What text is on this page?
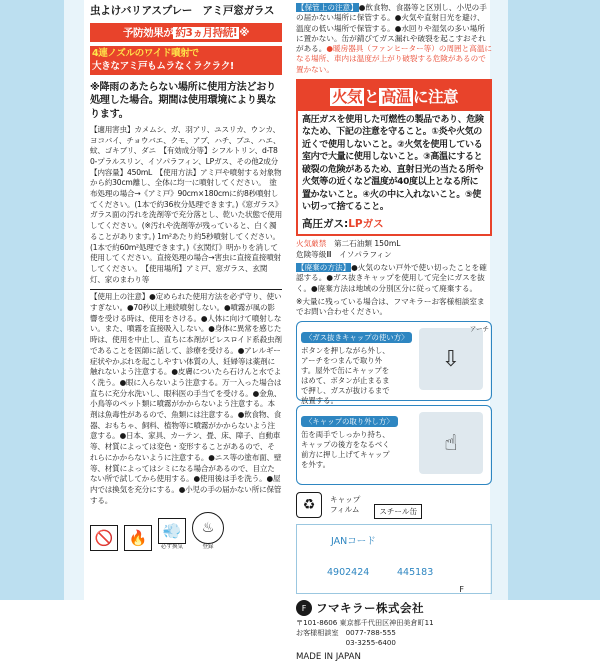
虫よけバリアスプレー　アミ戸窓ガラス
予防効果が 約3ヵ月持続! ※
4連ノズルのワイド噴射で
大きなアミ戸もムラなくラクラク!
※降雨のあたらない場所に使用方法どおり処理した場合。期間は使用環境により異なります。
【適用害虫】カメムシ、ガ、羽アリ、ユスリカ、ウンカ、ヨコバイ、チョウバエ、クモ、アブ、ハチ、ブユ、ハエ、蚊、ゴキブリ、ダニ　【有効成分等】シフルトリン、d-T80-プラルスリン、イソパラフィン、LPガス、その他2成分　【内容量】450mL　【使用方法】アミ戸や噴射する対象物から約30cm離し、全体に均一に噴射してください。　塗布処理の場合→《アミ戸》90cm×180cmに約8秒噴射してください。(1本で約36枚分処理できます。)《窓ガラス》ガラス面の汚れを洗剤等で充分落とし、乾いた状態で使用してください。(※汚れや洗剤等が残っていると、白く濁ることがあります。) 1m²あたり約5秒噴射してください。(1本で約60m²処理できます。)《玄関灯》明かりを消して使用してください。直接処理の場合→害虫に直接直接噴射してください。　【使用場所】アミ戸、窓ガラス、玄関灯、家のまわり等
【使用上の注意】●定められた使用方法を必ず守り、使いすぎない。●70秒以上連続噴射しない。●噴霧が風の影響を受ける時は、使用をさける。●人体に向けて噴射しない。また、噴霧を直接吸入しない。●身体に異常を感じた時は、使用を中止し、直ちに本剤がピレスロイド系殺虫剤であることを医師に話して、診療を受ける。●アレルギー症状やかぶれを起こしやすい体質の人、妊婦等は薬剤に触れないよう注意する。●皮膚についたら石けんと水でよく洗う。●眼に入らないよう注意する。万一入った場合は直ちに充分水洗いし、眼科医の手当てを受ける。●金魚、小鳥等のペット類に噴霧がかからないよう注意する。本剤は魚毒性があるので、魚類には注意する。●飲食物、食器、おもちゃ、飼料、植物等に噴霧がかからないよう注意する。●日本、家具、カーテン、畳、床、障子、自動車等、材質によっては変色・変形することがあるので、それらにかからないように注意する。●ニス等の塗布面、壁等、材質によってはシミになる場合があるので、目立たない所で試してから使用する。●使用後は手を洗う。●屋内では換気を充分にする。●小児の手の届かない所に保管する。
🚫	🔥	💨
必ず換気
♨
登録
【保管上の注意】●飲食物、食器等と区別し、小児の手の届かない場所に保管する。●火気や直射日光を避け、温度の低い場所で保管する。●水回りや湿気の多い場所に置かない。缶が錆びてガス漏れや破裂を起こすおそれがある。●暖房器具（ファンヒーター等）の周囲と高温になる場所、車内は温度が上がり破裂する危険があるので置かない。
火気 と 高温 に注意
高圧ガスを使用した可燃性の製品であり、危険なため、下記の注意を守ること。①炎や火気の近くで使用しないこと。②火気を使用している室内で大量に使用しないこと。③高温にすると破裂の危険があるため、直射日光の当たる所や火気等の近くなど温度が40度以上となる所に置かないこと。④火の中に入れないこと。⑤使い切って捨てること。
高圧ガス:LPガス
火気厳禁　 第二石油類 150mL
危険等級Ⅲ　 イソパラフィン
【廃棄の方法】●火気のない戸外で使い切ったことを確認する。●ガス抜きキャップを使用して完全にガスを抜く。●廃棄方法は地域の分別区分に従って廃棄する。
※大量に残っている場合は、フマキラーお客様相談室までお問い合わせください。
〈ガス抜きキャップの使い方〉
ボタンを押しながら外し、アーチをつまんで取り外す。屋外で缶にキャップをはめて、ボタンが止まるまで押し、ガスが抜けるまで放置する。
⇩
アーチ
〈キャップの取り外し方〉
缶を両手でしっかり持ち、キャップの後方をなるべく前方に押し上げてキャップを外す。
☝
♻	キャップ
フィルム	スチール缶
JANコード
4902424	445183
F フマキラー株式会社
〒101-8606 東京都千代田区神田美倉町11
お客様相談室　0077-788-555
　　　　　　　03-3255-6400
MADE IN JAPAN
F
